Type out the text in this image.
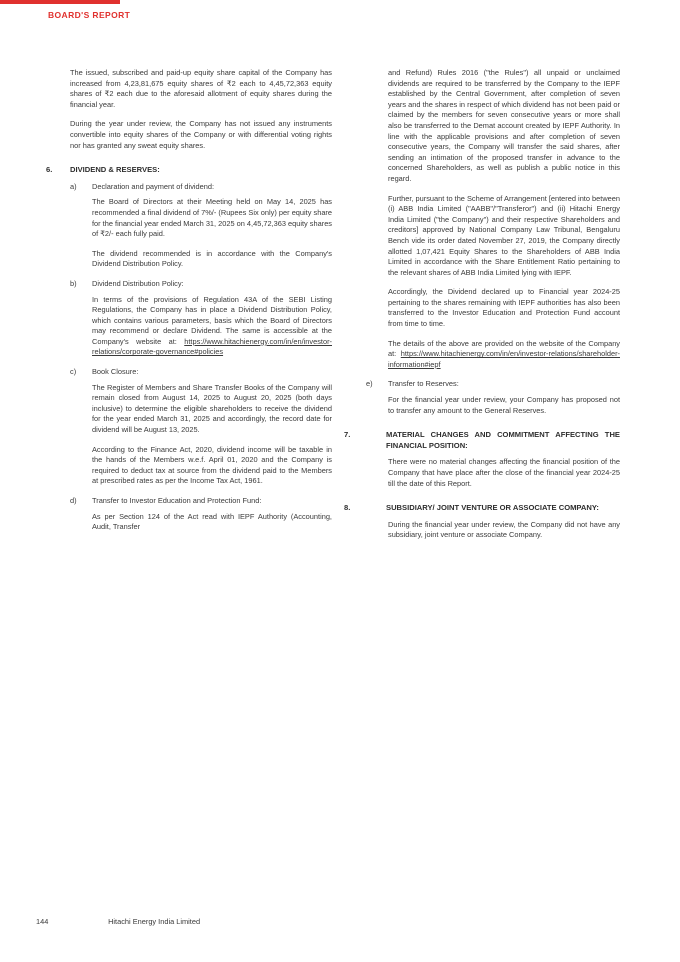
BOARD'S REPORT

The issued, subscribed and paid-up equity share capital of the Company has increased from 4,23,81,675 equity shares of ₹2 each to 4,45,72,363 equity shares of ₹2 each due to the aforesaid allotment of equity shares during the financial year.

During the year under review, the Company has not issued any instruments convertible into equity shares of the Company or with differential voting rights nor has granted any sweat equity shares.

6. DIVIDEND & RESERVES:
a) Declaration and payment of dividend:

The Board of Directors at their Meeting held on May 14, 2025 has recommended a final dividend of 7%/- (Rupees Six only) per equity share for the financial year ended March 31, 2025 on 4,45,72,363 equity shares of ₹2/- each fully paid.

The dividend recommended is in accordance with the Company's Dividend Distribution Policy.

b) Dividend Distribution Policy:

In terms of the provisions of Regulation 43A of the SEBI Listing Regulations, the Company has in place a Dividend Distribution Policy, which contains various parameters, basis which the Board of Directors may recommend or declare Dividend. The same is accessible at the Company's website at: https://www.hitachienergy.com/in/en/investor-relations/corporate-governance#policies

c) Book Closure:

The Register of Members and Share Transfer Books of the Company will remain closed from August 14, 2025 to August 20, 2025 (both days inclusive) to determine the eligible shareholders to receive the dividend for the year ended March 31, 2025 and accordingly, the record date for dividend will be August 13, 2025.

According to the Finance Act, 2020, dividend income will be taxable in the hands of the Members w.e.f. April 01, 2020 and the Company is required to deduct tax at source from the dividend paid to the Members at prescribed rates as per the Income Tax Act, 1961.

d) Transfer to Investor Education and Protection Fund:

As per Section 124 of the Act read with IEPF Authority (Accounting, Audit, Transfer

and Refund) Rules 2016 ("the Rules") all unpaid or unclaimed dividends are required to be transferred by the Company to the IEPF established by the Central Government, after completion of seven years and the shares in respect of which dividend has not been paid or claimed by the members for seven consecutive years or more shall also be transferred to the Demat account created by IEPF Authority. In line with the applicable provisions and after completion of seven consecutive years, the Company will transfer the said shares, after sending an intimation of the proposed transfer in advance to the concerned Shareholders, as well as publish a public notice in this regard.

Further, pursuant to the Scheme of Arrangement [entered into between (i) ABB India Limited ("AABB"/"Transferor") and (ii) Hitachi Energy India Limited ("the Company") and their respective Shareholders and creditors] approved by National Company Law Tribunal, Bengaluru Bench vide its order dated November 27, 2019, the Company directly allotted 1,07,421 Equity Shares to the Shareholders of ABB India Limited in accordance with the Share Entitlement Ratio pertaining to the relevant shares of ABB India Limited lying with IEPF.

Accordingly, the Dividend declared up to Financial year 2024-25 pertaining to the shares remaining with IEPF authorities has also been transferred to the Investor Education and Protection Fund account from time to time.

The details of the above are provided on the website of the Company at: https://www.hitachienergy.com/in/en/investor-relations/shareholder-information#iepf

e) Transfer to Reserves:

For the financial year under review, your Company has proposed not to transfer any amount to the General Reserves.

7.	MATERIAL CHANGES AND COMMITMENT AFFECTING THE FINANCIAL POSITION:

There were no material changes affecting the financial position of the Company that have place after the close of the financial year 2024-25 till the date of this Report.

8.	SUBSIDIARY/ JOINT VENTURE OR ASSOCIATE COMPANY:

During the financial year under review, the Company did not have any subsidiary, joint venture or associate Company.

144	Hitachi Energy India Limited
